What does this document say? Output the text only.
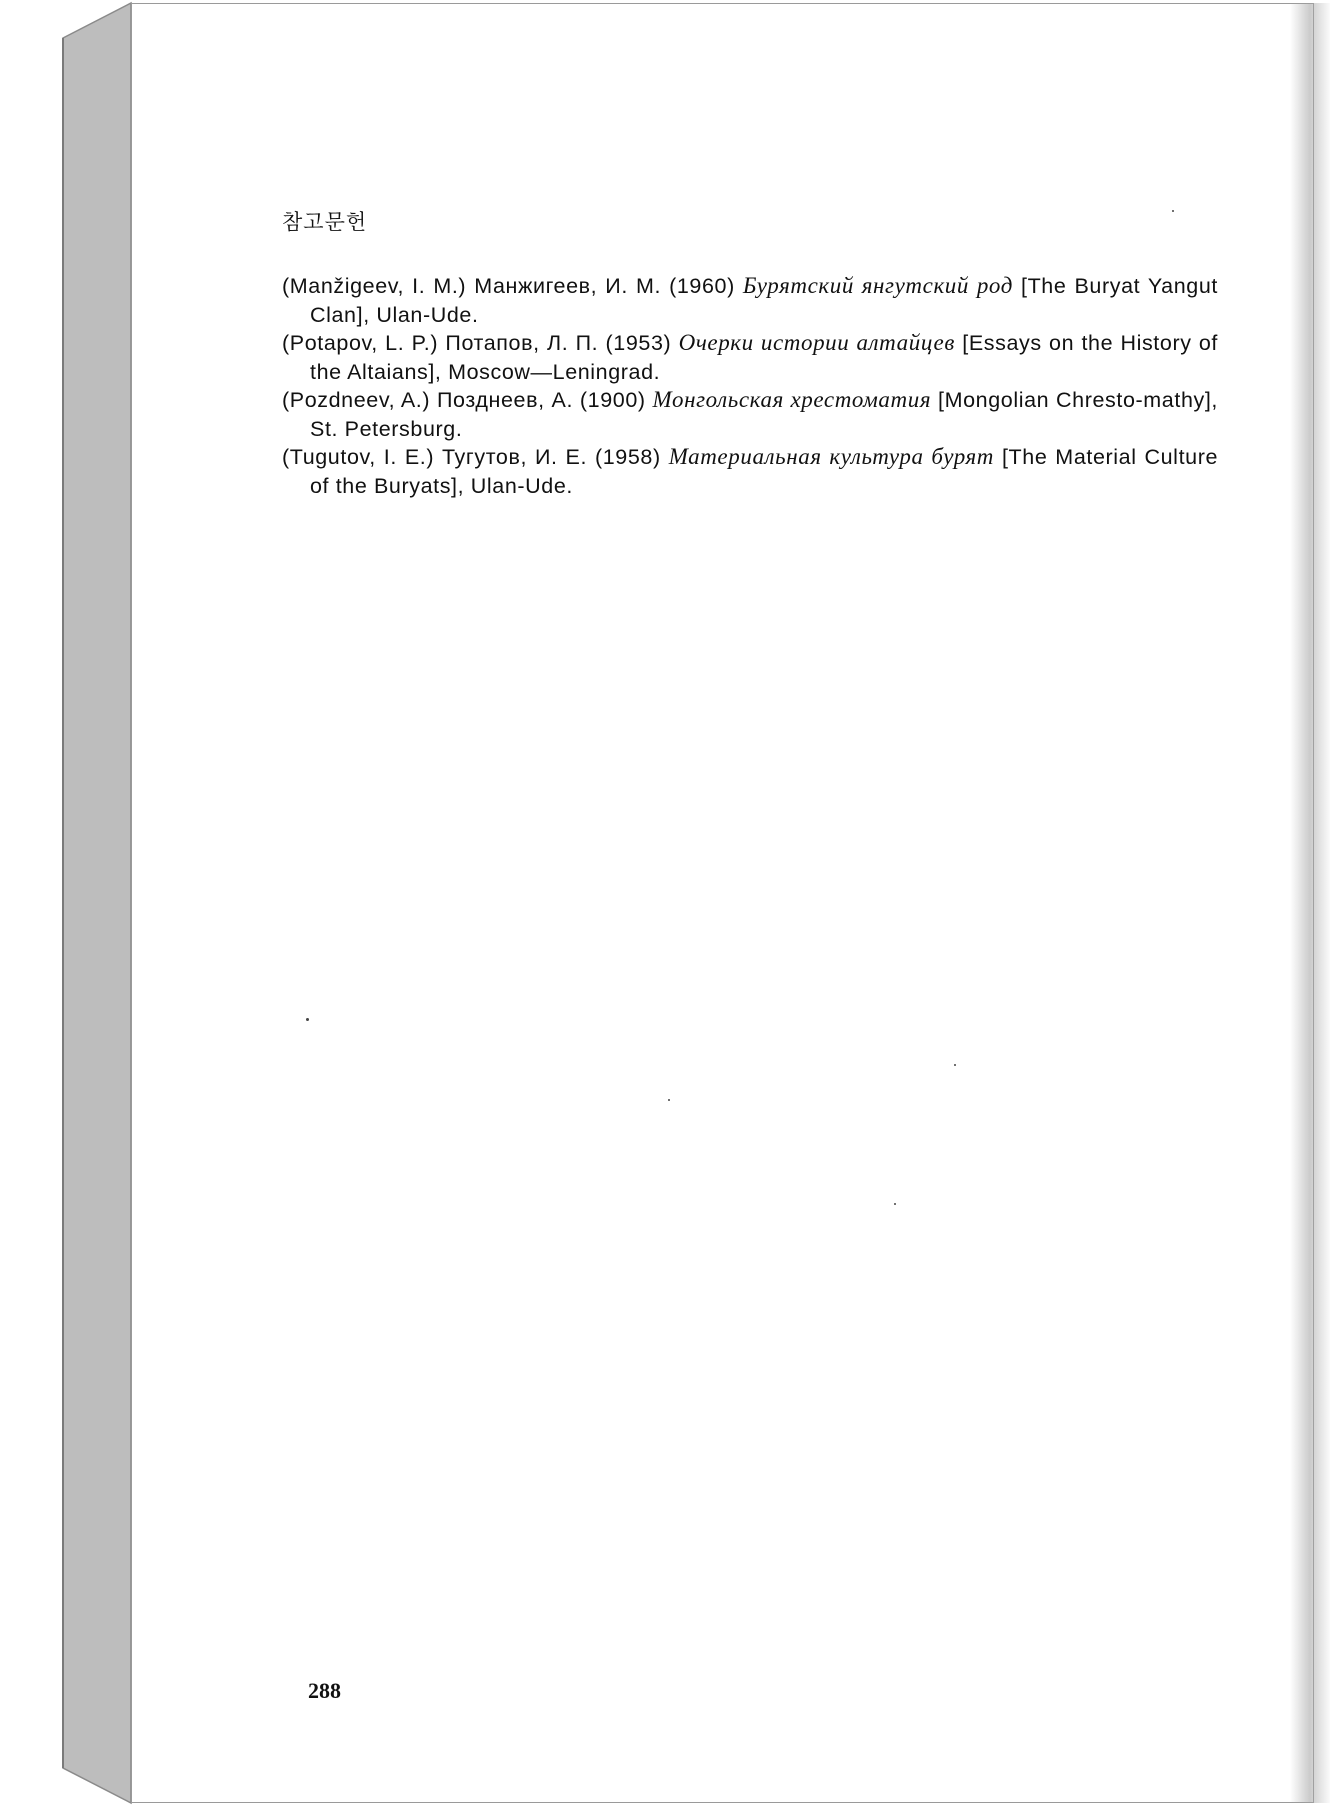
참고문헌
(Manžigeev, I. M.) Манжигеев, И. М. (1960) Бурятский янгутский род [The Buryat Yangut Clan], Ulan-Ude.
(Potapov, L. P.) Потапов, Л. П. (1953) Очерки истории алтайцев [Essays on the History of the Altaians], Moscow—Leningrad.
(Pozdneev, A.) Позднеев, А. (1900) Монгольская хрестоматия [Mongolian Chresto-mathy], St. Petersburg.
(Tugutov, I. E.) Тугутов, И. Е. (1958) Материальная культура бурят [The Material Culture of the Buryats], Ulan-Ude.
288
